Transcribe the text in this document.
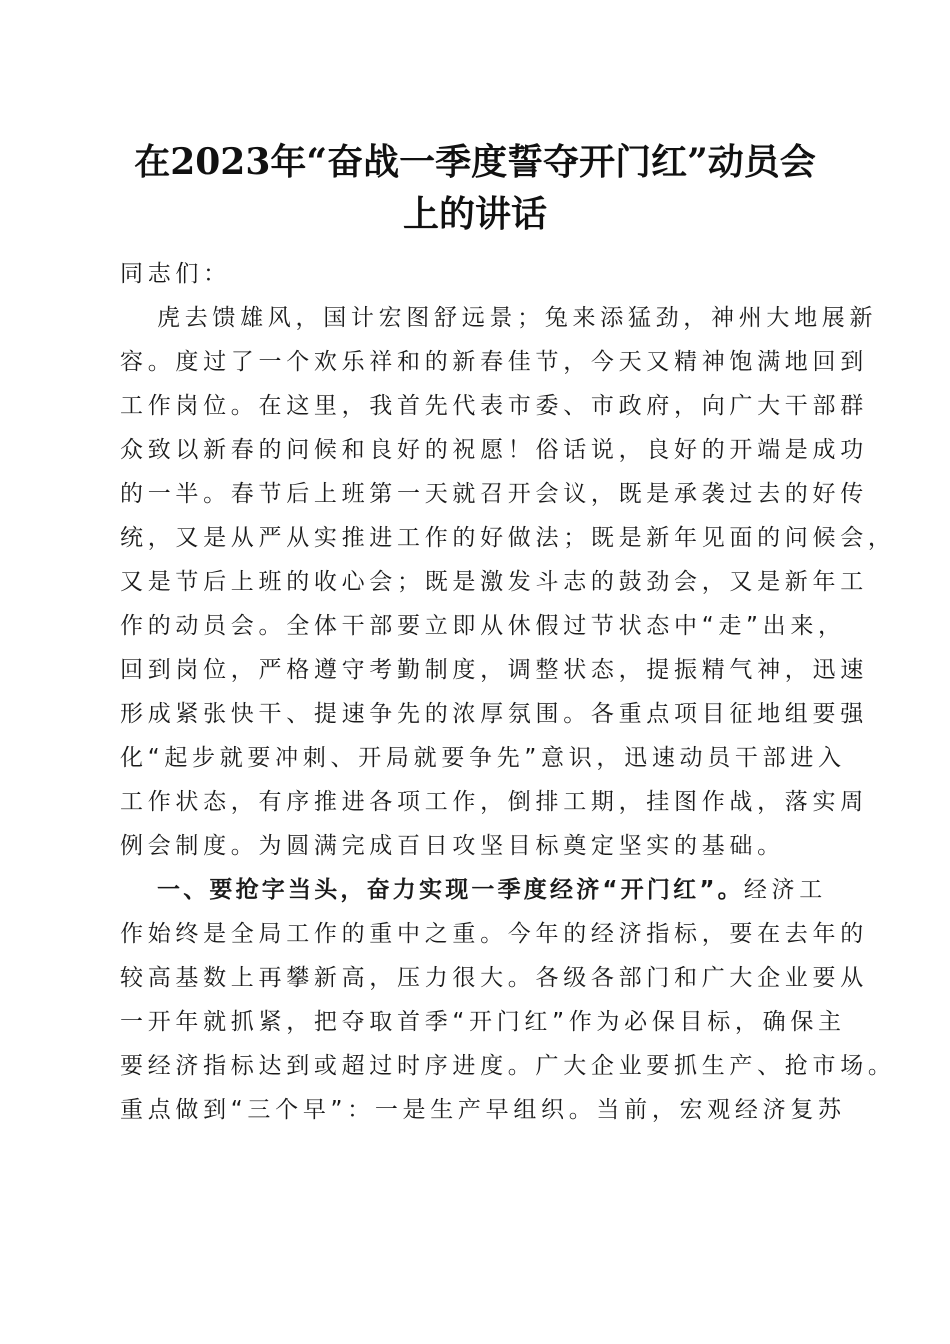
在2023年“奋战一季度誓夺开门红”动员会
上的讲话
同志们：
虎去馈雄风，国计宏图舒远景；兔来添猛劲，神州大地展新
容。度过了一个欢乐祥和的新春佳节，今天又精神饱满地回到
工作岗位。在这里，我首先代表市委、市政府，向广大干部群
众致以新春的问候和良好的祝愿！俗话说，良好的开端是成功
的一半。春节后上班第一天就召开会议，既是承袭过去的好传
统，又是从严从实推进工作的好做法；既是新年见面的问候会，
又是节后上班的收心会；既是激发斗志的鼓劲会，又是新年工
作的动员会。全体干部要立即从休假过节状态中“走”出来，
回到岗位，严格遵守考勤制度，调整状态，提振精气神，迅速
形成紧张快干、提速争先的浓厚氛围。各重点项目征地组要强
化“起步就要冲刺、开局就要争先”意识，迅速动员干部进入
工作状态，有序推进各项工作，倒排工期，挂图作战，落实周
例会制度。为圆满完成百日攻坚目标奠定坚实的基础。
一、要抢字当头，奋力实现一季度经济“开门红”。经济工
作始终是全局工作的重中之重。今年的经济指标，要在去年的
较高基数上再攀新高，压力很大。各级各部门和广大企业要从
一开年就抓紧，把夺取首季“开门红”作为必保目标，确保主
要经济指标达到或超过时序进度。广大企业要抓生产、抢市场。
重点做到“三个早”：一是生产早组织。当前，宏观经济复苏
